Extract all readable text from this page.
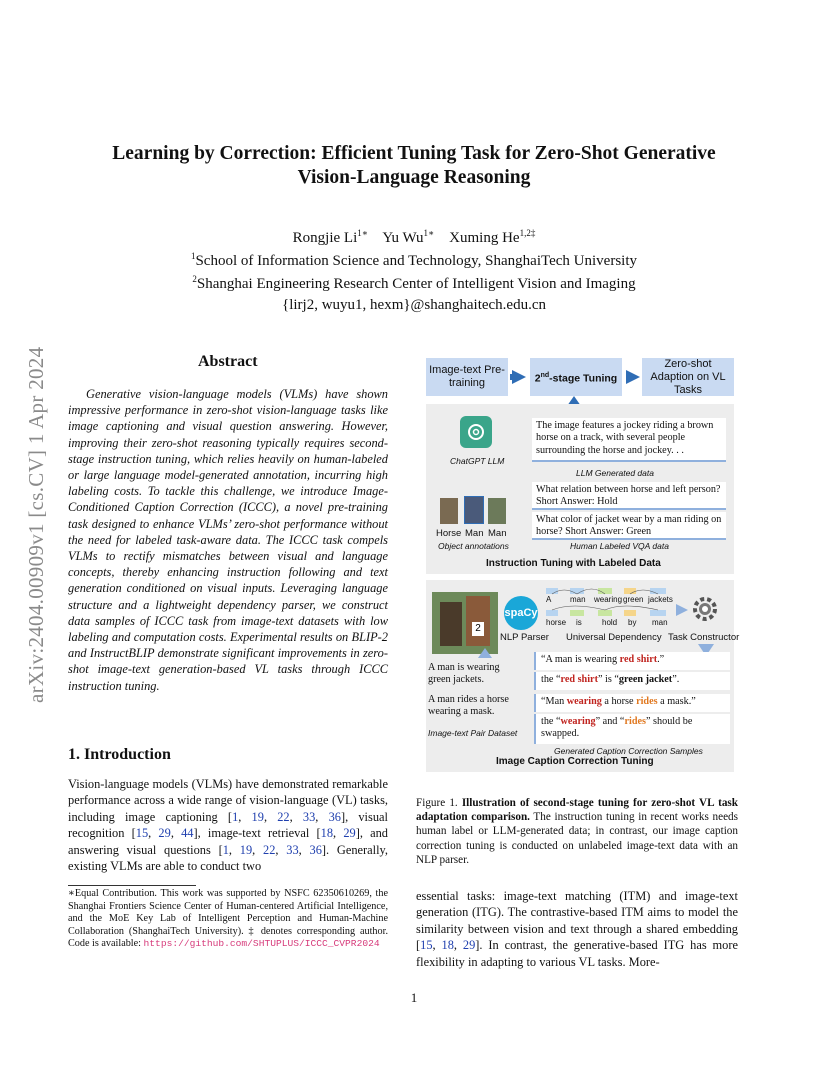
arXiv:2404.00909v1 [cs.CV] 1 Apr 2024
Learning by Correction: Efficient Tuning Task for Zero-Shot Generative
Vision-Language Reasoning
Rongjie $Li^{1∗}$ Yu $Wu^{1∗}$ Xuming $He^{1,2\ddagger}$
$^1$School of Information Science and Technology, ShanghaiTech University
$^2$Shanghai Engineering Research Center of Intelligent Vision and Imaging
{lirj2, wuyu1, hexm}@shanghaitech.edu.cn
Abstract
Generative vision-language models (VLMs) have shown impressive performance in zero-shot vision-language tasks like image captioning and visual question answering. However, improving their zero-shot reasoning typically requires second-stage instruction tuning, which relies heavily on human-labeled or large language model-generated annotation, incurring high labeling costs. To tackle this challenge, we introduce Image-Conditioned Caption Correction (ICCC), a novel pre-training task designed to enhance VLMs’ zero-shot performance without the need for labeled task-aware data. The ICCC task compels VLMs to rectify mismatches between visual and language concepts, thereby enhancing instruction following and text generation conditioned on visual inputs. Leveraging language structure and a lightweight dependency parser, we construct data samples of ICCC task from image-text datasets with low labeling and computation costs. Experimental results on BLIP-2 and InstructBLIP demonstrate significant improvements in zero-shot image-text generation-based VL tasks through ICCC instruction tuning.
1. Introduction
Vision-language models (VLMs) have demonstrated remarkable performance across a wide range of vision-language (VL) tasks, including image captioning [1, 19, 22, 33, 36], visual recognition [15, 29, 44], image-text retrieval [18, 29], and answering visual questions [1, 19, 22, 33, 36]. Generally, existing VLMs are able to conduct two
∗Equal Contribution. This work was supported by NSFC 62350610269, the Shanghai Frontiers Science Center of Human-centered Artificial Intelligence, and the MoE Key Lab of Intelligent Perception and Human-Machine Collaboration (ShanghaiTech University). ‡ denotes corresponding author. Code is available: https://github.com/SHTUPLUS/ICCC_CVPR2024
Image-text Pre-training	2nd-stage Tuning
Zero-shot Adaption on VL Tasks
ChatGPT LLM
The image features a jockey riding a brown horse on a track, with several people surrounding the horse and jockey. . .
LLM Generated data
What relation between horse and left person? Short Answer: Hold
What color of jacket wear by a man riding on horse? Short Answer: Green
Horse Man Man
Object annotations	Human Labeled VQA data
Instruction Tuning with Labeled Data
2
spaCy
NLP Parser
A man wearing green jackets
horse is	hold by man
Universal Dependency Task Constructor
A man is wearing green jackets.
A man rides a horse wearing a mask.
Image-text Pair Dataset
“A man is wearing red shirt.”
the “red shirt” is “green jacket”.
“Man wearing a horse rides a mask.”
the “wearing” and “rides” should be swapped.
Generated Caption Correction Samples
Image Caption Correction Tuning
Figure 1. Illustration of second-stage tuning for zero-shot VL task adaptation comparison. The instruction tuning in recent works needs human label or LLM-generated data; in contrast, our image caption correction tuning is conducted on unlabeled image-text data with an NLP parser.
essential tasks: image-text matching (ITM) and image-text generation (ITG). The contrastive-based ITM aims to model the similarity between vision and text through a shared embedding [15, 18, 29]. In contrast, the generative-based ITG has more flexibility in adapting to various VL tasks. More-
1
